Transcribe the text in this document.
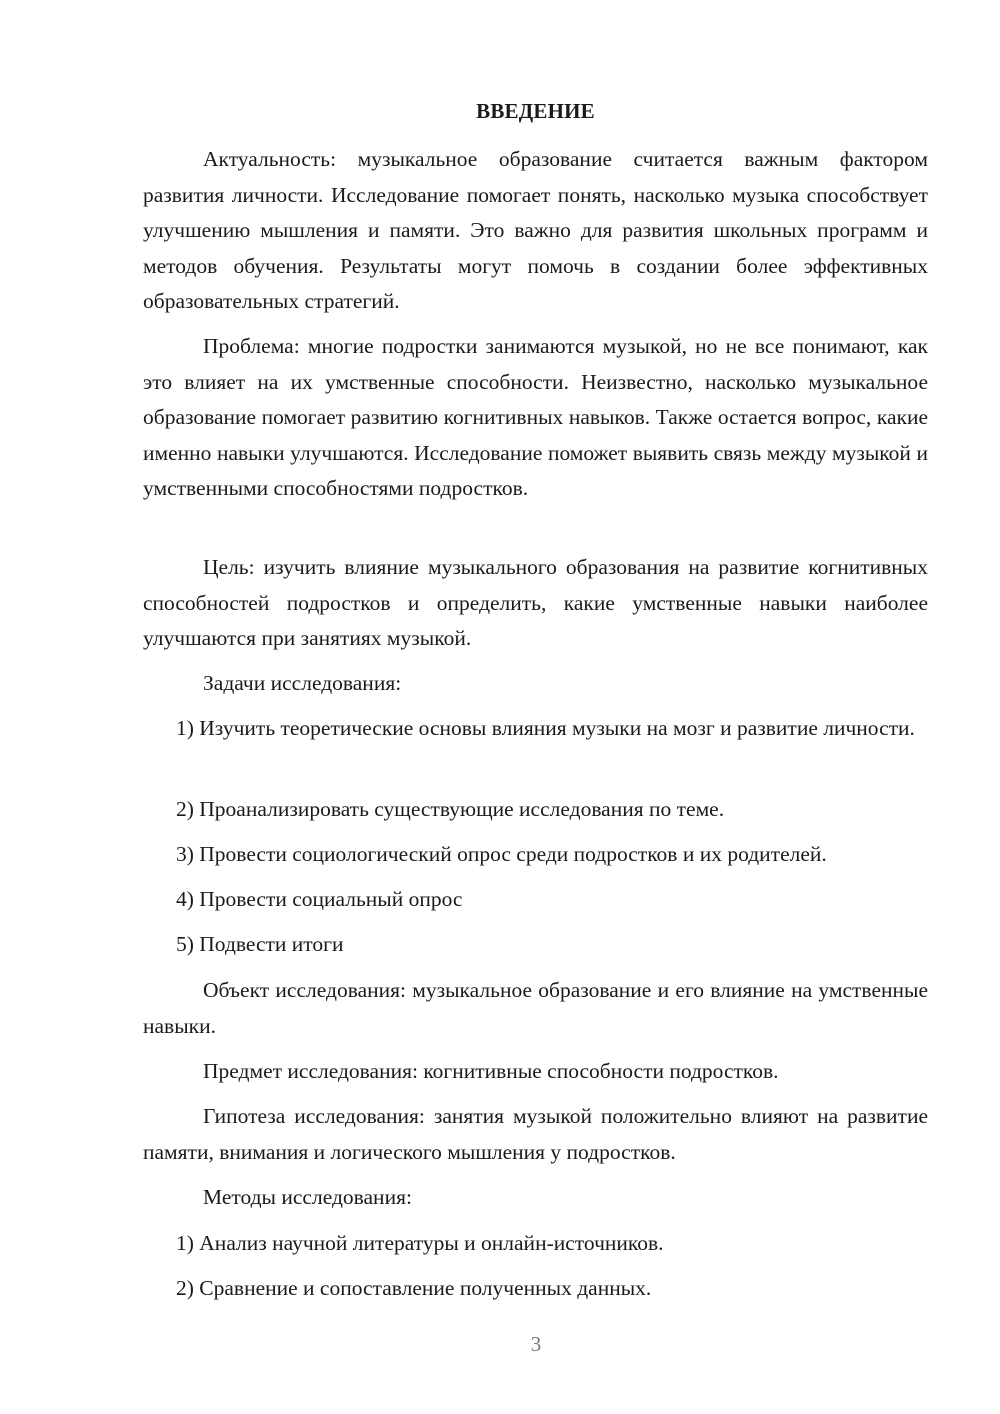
ВВЕДЕНИЕ

Актуальность: музыкальное образование считается важным фактором развития личности. Исследование помогает понять, насколько музыка способствует улучшению мышления и памяти. Это важно для развития школьных программ и методов обучения. Результаты могут помочь в создании более эффективных образовательных стратегий.

Проблема: многие подростки занимаются музыкой, но не все понимают, как это влияет на их умственные способности. Неизвестно, насколько музыкальное образование помогает развитию когнитивных навыков. Также остается вопрос, какие именно навыки улучшаются. Исследование поможет выявить связь между музыкой и умственными способностями подростков.

Цель: изучить влияние музыкального образования на развитие когнитивных способностей подростков и определить, какие умственные навыки наиболее улучшаются при занятиях музыкой.

Задачи исследования:

1) Изучить теоретические основы влияния музыки на мозг и развитие личности.

2) Проанализировать существующие исследования по теме.

3) Провести социологический опрос среди подростков и их родителей.

4) Провести социальный опрос

5) Подвести итоги

Объект исследования: музыкальное образование и его влияние на умственные навыки.

Предмет исследования: когнитивные способности подростков.

Гипотеза исследования: занятия музыкой положительно влияют на развитие памяти, внимания и логического мышления у подростков.

Методы исследования:

1) Анализ научной литературы и онлайн-источников.

2) Сравнение и сопоставление полученных данных.

3
